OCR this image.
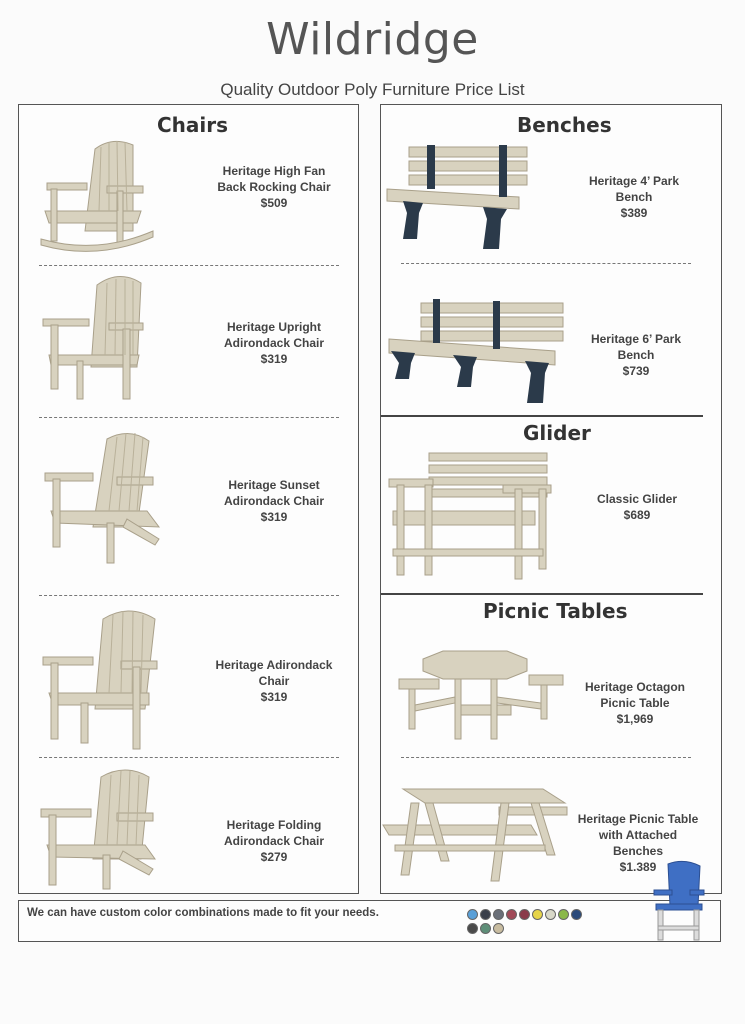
Wildridge
Quality Outdoor Poly Furniture Price List
Chairs
Heritage High Fan
Back Rocking Chair
$509
Heritage Upright
Adirondack Chair
$319
Heritage Sunset
Adirondack Chair
$319
Heritage Adirondack
Chair
$319
Heritage Folding
Adirondack Chair
$279
Benches
Heritage 4’ Park
Bench
$389
Heritage 6’ Park
Bench
$739
Glider
Classic Glider
$689
Picnic Tables
Heritage Octagon
Picnic Table
$1,969
Heritage Picnic Table
with Attached
Benches
$1.389
We can have custom color combinations made to fit your needs.
